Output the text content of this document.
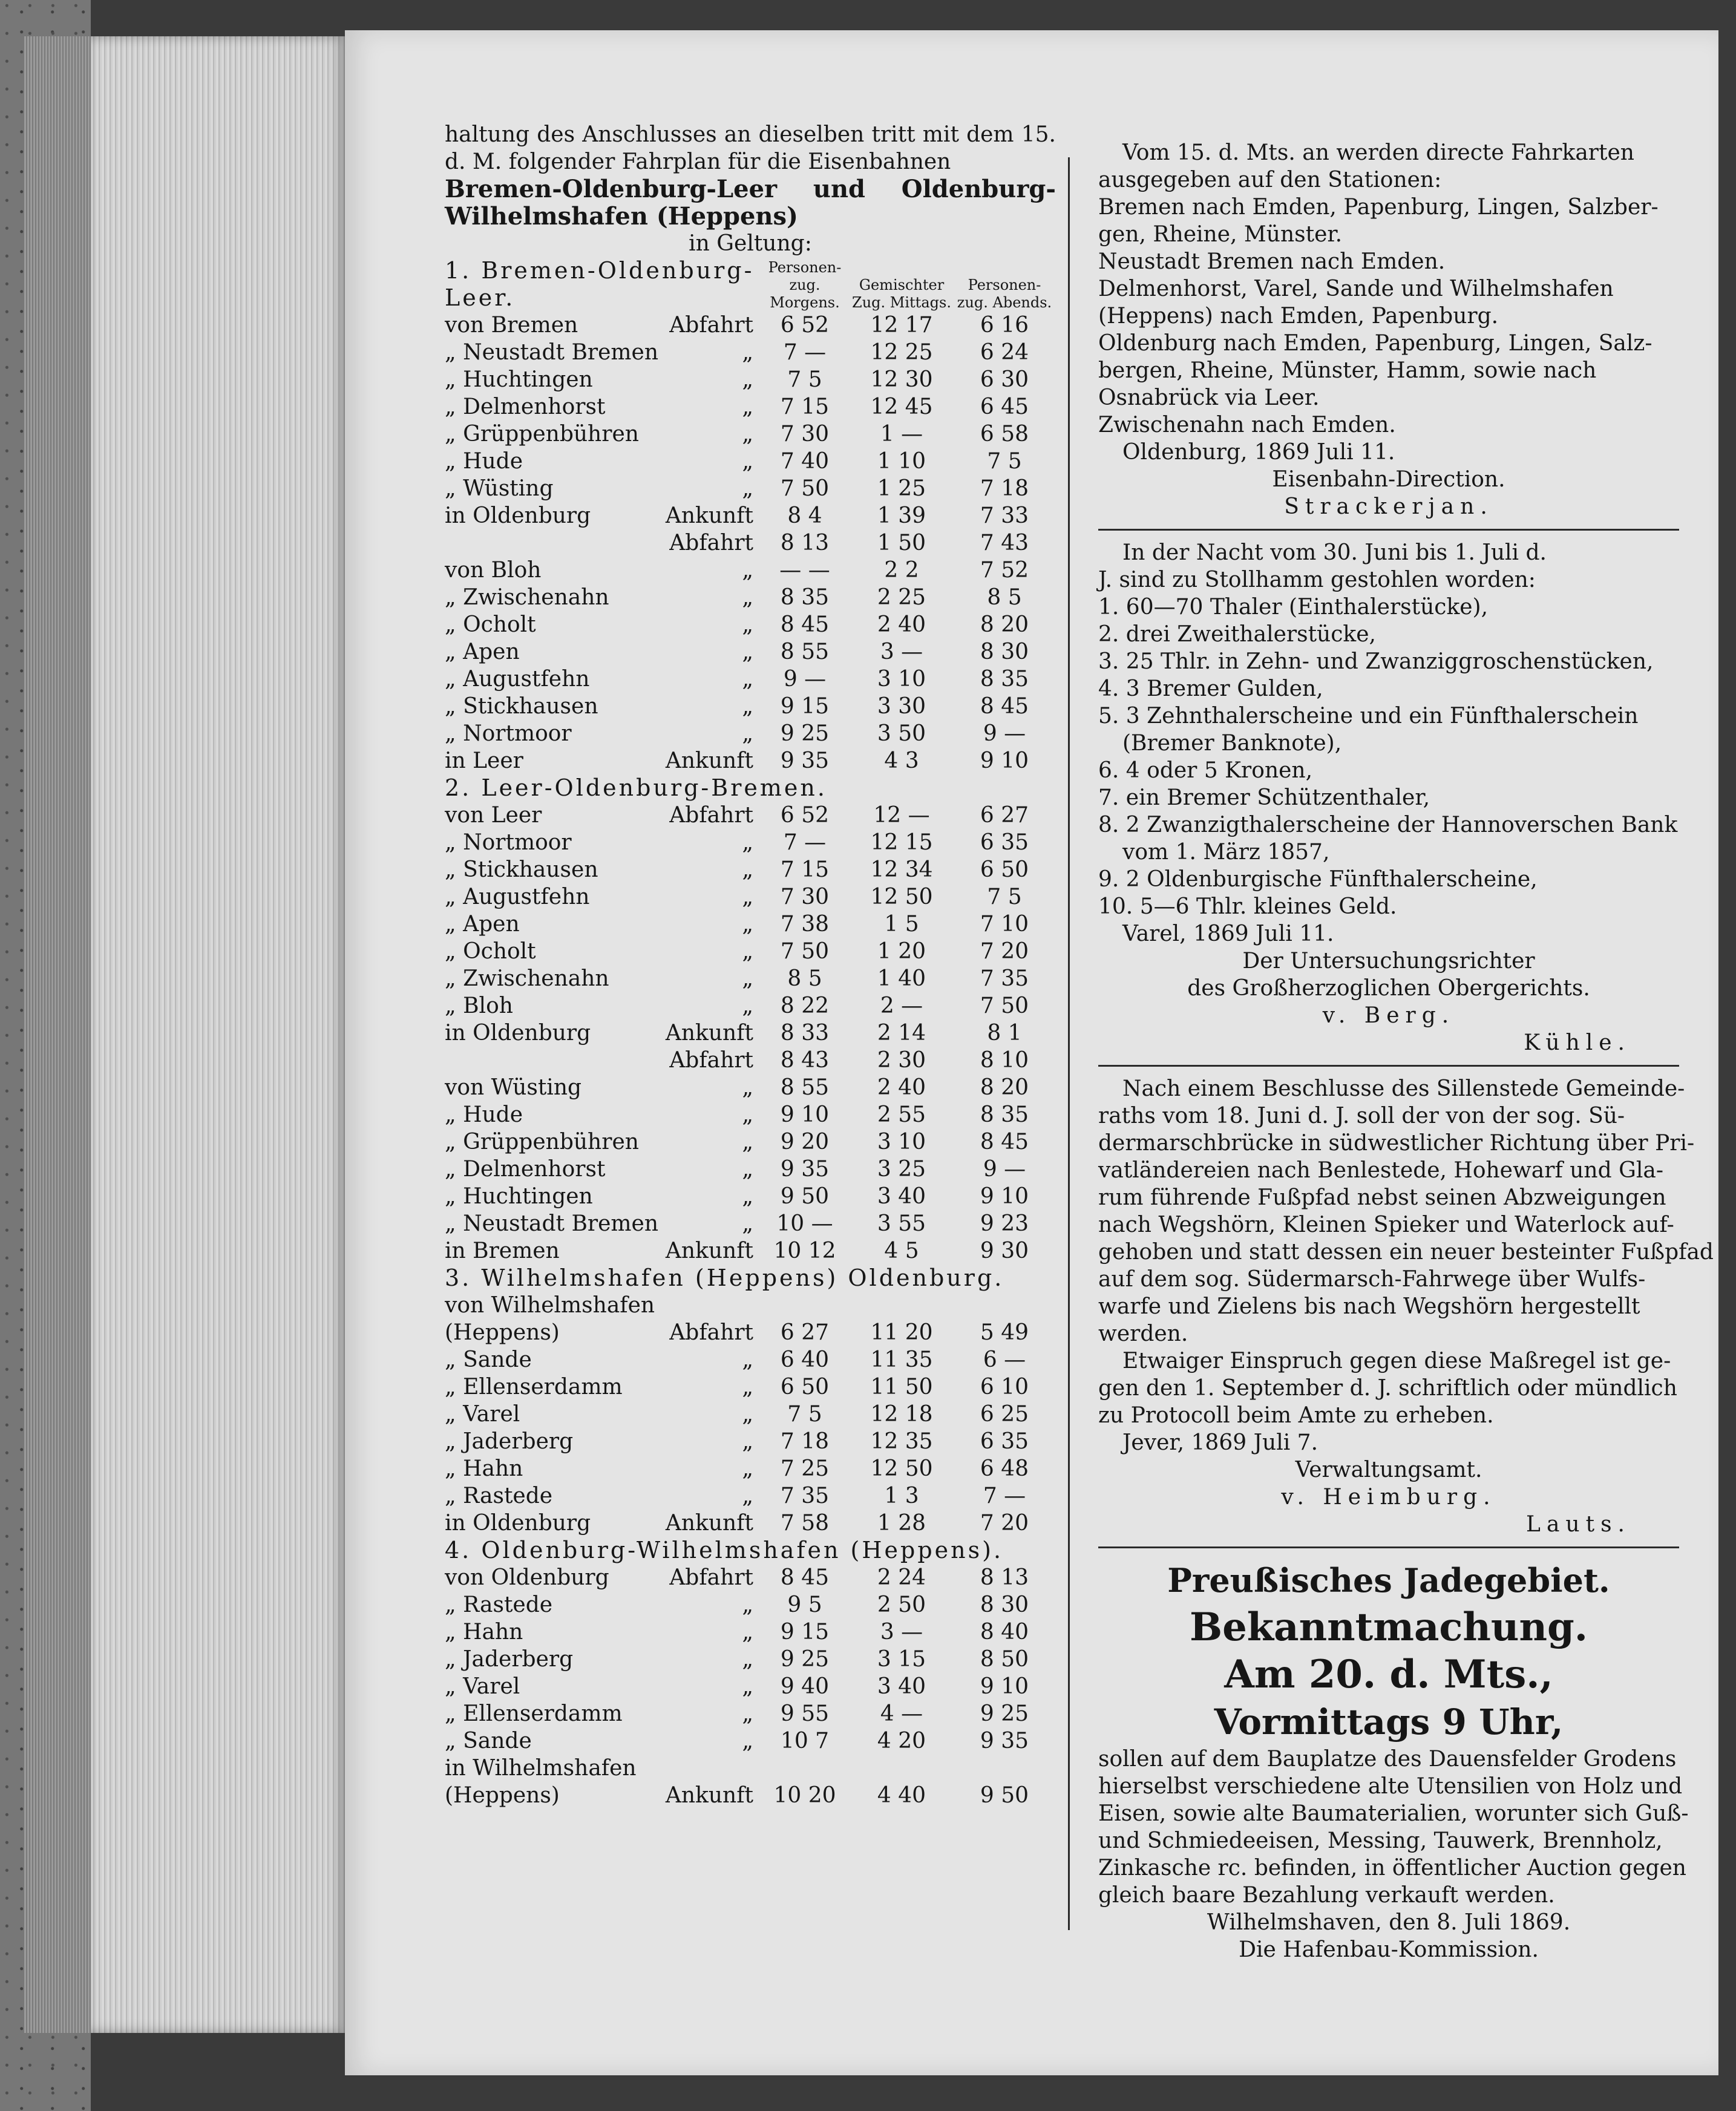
haltung des Anschlusses an dieselben tritt mit dem 15. d. M. folgender Fahrplan für die Eisenbahnen

Bremen-Oldenburg-Leer und Oldenburg-Wilhelmshafen (Heppens)

in Geltung:

1. Bremen-Oldenburg-Leer.
Personen-zug. Morgens.
Gemischter Zug. Mittags.
Personen-zug. Abends.
von Bremen	Abfahrt	6 52	12 17	6 16
„ Neustadt Bremen	„	7 —	12 25	6 24
„ Huchtingen	„	7 5	12 30	6 30
„ Delmenhorst	„	7 15	12 45	6 45
„ Grüppenbühren	„	7 30	1 —	6 58
„ Hude	„	7 40	1 10	7 5
„ Wüsting	„	7 50	1 25	7 18
in Oldenburg	Ankunft	8 4	1 39	7 33
Abfahrt	8 13	1 50	7 43
von Bloh	„	— —	2 2	7 52
„ Zwischenahn	„	8 35	2 25	8 5
„ Ocholt	„	8 45	2 40	8 20
„ Apen	„	8 55	3 —	8 30
„ Augustfehn	„	9 —	3 10	8 35
„ Stickhausen	„	9 15	3 30	8 45
„ Nortmoor	„	9 25	3 50	9 —
in Leer	Ankunft	9 35	4 3	9 10
2. Leer-Oldenburg-Bremen.
von Leer	Abfahrt	6 52	12 —	6 27
„ Nortmoor	„	7 —	12 15	6 35
„ Stickhausen	„	7 15	12 34	6 50
„ Augustfehn	„	7 30	12 50	7 5
„ Apen	„	7 38	1 5	7 10
„ Ocholt	„	7 50	1 20	7 20
„ Zwischenahn	„	8 5	1 40	7 35
„ Bloh	„	8 22	2 —	7 50
in Oldenburg	Ankunft	8 33	2 14	8 1
Abfahrt	8 43	2 30	8 10
von Wüsting	„	8 55	2 40	8 20
„ Hude	„	9 10	2 55	8 35
„ Grüppenbühren	„	9 20	3 10	8 45
„ Delmenhorst	„	9 35	3 25	9 —
„ Huchtingen	„	9 50	3 40	9 10
„ Neustadt Bremen	„	10 —	3 55	9 23
in Bremen	Ankunft 10 12	4 5	9 30
3. Wilhelmshafen (Heppens) Oldenburg.
von Wilhelmshafen
(Heppens)	Abfahrt	6 27	11 20	5 49
„ Sande	„	6 40	11 35	6 —
„ Ellenserdamm	„	6 50	11 50	6 10
„ Varel	„	7 5	12 18	6 25
„ Jaderberg	„	7 18	12 35	6 35
„ Hahn	„	7 25	12 50	6 48
„ Rastede	„	7 35	1 3	7 —
in Oldenburg	Ankunft	7 58	1 28	7 20
4. Oldenburg-Wilhelmshafen (Heppens).
von Oldenburg	Abfahrt	8 45	2 24	8 13
„ Rastede	„	9 5	2 50	8 30
„ Hahn	„	9 15	3 —	8 40
„ Jaderberg	„	9 25	3 15	8 50
„ Varel	„	9 40	3 40	9 10
„ Ellenserdamm	„	9 55	4 —	9 25
„ Sande	„	10 7	4 20	9 35
in Wilhelmshafen
(Heppens)	Ankunft 10 20	4 40	9 50

Vom 15. d. Mts. an werden directe Fahrkarten

ausgegeben auf den Stationen:

Bremen nach Emden, Papenburg, Lingen, Salzber-

gen, Rheine, Münster.

Neustadt Bremen nach Emden.

Delmenhorst, Varel, Sande und Wilhelmshafen

(Heppens) nach Emden, Papenburg.

Oldenburg nach Emden, Papenburg, Lingen, Salz-

bergen, Rheine, Münster, Hamm, sowie nach

Osnabrück via Leer.

Zwischenahn nach Emden.

Oldenburg, 1869 Juli 11.

Eisenbahn-Direction.

Strackerjan.

In der Nacht vom 30. Juni bis 1. Juli d.

J. sind zu Stollhamm gestohlen worden:

1. 60—70 Thaler (Einthalerstücke),

2. drei Zweithalerstücke,

3. 25 Thlr. in Zehn- und Zwanziggroschenstücken,

4. 3 Bremer Gulden,

5. 3 Zehnthalerscheine und ein Fünfthalerschein

(Bremer Banknote),

6. 4 oder 5 Kronen,

7. ein Bremer Schützenthaler,

8. 2 Zwanzigthalerscheine der Hannoverschen Bank

vom 1. März 1857,

9. 2 Oldenburgische Fünfthalerscheine,

10. 5—6 Thlr. kleines Geld.

Varel, 1869 Juli 11.

Der Untersuchungsrichter

des Großherzoglichen Obergerichts.

v. Berg.

Kühle.

Nach einem Beschlusse des Sillenstede Gemeinde-

raths vom 18. Juni d. J. soll der von der sog. Sü-

dermarschbrücke in südwestlicher Richtung über Pri-

vatländereien nach Benlestede, Hohewarf und Gla-

rum führende Fußpfad nebst seinen Abzweigungen

nach Wegshörn, Kleinen Spieker und Waterlock auf-

gehoben und statt dessen ein neuer besteinter Fußpfad

auf dem sog. Südermarsch-Fahrwege über Wulfs-

warfe und Zielens bis nach Wegshörn hergestellt

werden.

Etwaiger Einspruch gegen diese Maßregel ist ge-

gen den 1. September d. J. schriftlich oder mündlich

zu Protocoll beim Amte zu erheben.

Jever, 1869 Juli 7.

Verwaltungsamt.

v. Heimburg.

Lauts.

Preußisches Jadegebiet.

Bekanntmachung.

Am 20. d. Mts.,

Vormittags 9 Uhr,

sollen auf dem Bauplatze des Dauensfelder Grodens

hierselbst verschiedene alte Utensilien von Holz und

Eisen, sowie alte Baumaterialien, worunter sich Guß-

und Schmiedeeisen, Messing, Tauwerk, Brennholz,

Zinkasche rc. befinden, in öffentlicher Auction gegen

gleich baare Bezahlung verkauft werden.

Wilhelmshaven, den 8. Juli 1869.

Die Hafenbau-Kommission.
